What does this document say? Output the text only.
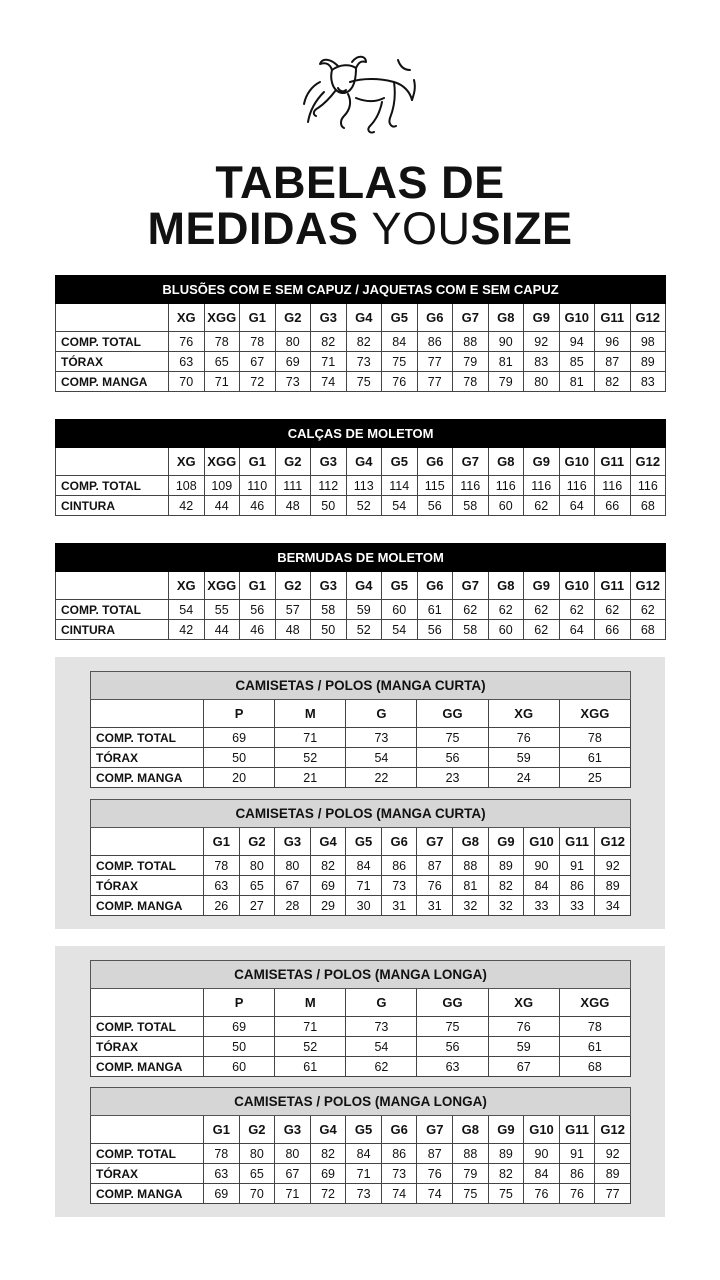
TABELAS DE
MEDIDAS YOUSIZE
BLUSÕES COM E SEM CAPUZ / JAQUETAS COM E SEM CAPUZ														
	XG	XGG	G1	G2	G3	G4	G5	G6	G7	G8	G9	G10	G11	G12
COMP. TOTAL	76	78	78	80	82	82	84	86	88	90	92	94	96	98
TÓRAX	63	65	67	69	71	73	75	77	79	81	83	85	87	89
COMP. MANGA	70	71	72	73	74	75	76	77	78	79	80	81	82	83
CALÇAS DE MOLETOM														
	XG	XGG	G1	G2	G3	G4	G5	G6	G7	G8	G9	G10	G11	G12
COMP. TOTAL	108	109	110	111	112	113	114	115	116	116	116	116	116	116
CINTURA	42	44	46	48	50	52	54	56	58	60	62	64	66	68
BERMUDAS DE MOLETOM														
	XG	XGG	G1	G2	G3	G4	G5	G6	G7	G8	G9	G10	G11	G12
COMP. TOTAL	54	55	56	57	58	59	60	61	62	62	62	62	62	62
CINTURA	42	44	46	48	50	52	54	56	58	60	62	64	66	68
CAMISETAS / POLOS (MANGA CURTA)						
	P	M	G	GG	XG	XGG
COMP. TOTAL	69	71	73	75	76	78
TÓRAX	50	52	54	56	59	61
COMP. MANGA	20	21	22	23	24	25
CAMISETAS / POLOS (MANGA CURTA)												
	G1	G2	G3	G4	G5	G6	G7	G8	G9	G10	G11	G12
COMP. TOTAL	78	80	80	82	84	86	87	88	89	90	91	92
TÓRAX	63	65	67	69	71	73	76	81	82	84	86	89
COMP. MANGA	26	27	28	29	30	31	31	32	32	33	33	34
CAMISETAS / POLOS (MANGA LONGA)						
	P	M	G	GG	XG	XGG
COMP. TOTAL	69	71	73	75	76	78
TÓRAX	50	52	54	56	59	61
COMP. MANGA	60	61	62	63	67	68
CAMISETAS / POLOS (MANGA LONGA)												
	G1	G2	G3	G4	G5	G6	G7	G8	G9	G10	G11	G12
COMP. TOTAL	78	80	80	82	84	86	87	88	89	90	91	92
TÓRAX	63	65	67	69	71	73	76	79	82	84	86	89
COMP. MANGA	69	70	71	72	73	74	74	75	75	76	76	77
